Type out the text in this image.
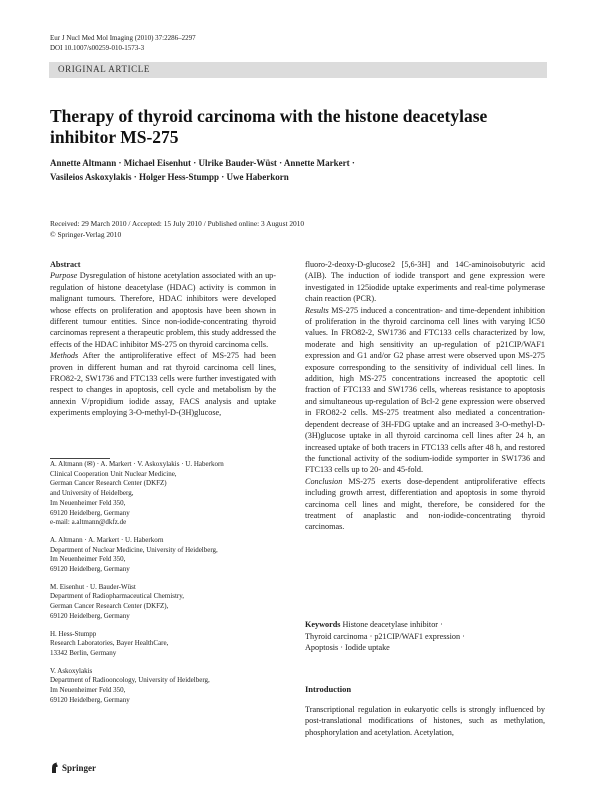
Eur J Nucl Med Mol Imaging (2010) 37:2286–2297
DOI 10.1007/s00259-010-1573-3
ORIGINAL ARTICLE
Therapy of thyroid carcinoma with the histone deacetylase inhibitor MS-275
Annette Altmann · Michael Eisenhut · Ulrike Bauder-Wüst · Annette Markert ·
Vasileios Askoxylakis · Holger Hess-Stumpp · Uwe Haberkorn
Received: 29 March 2010 / Accepted: 15 July 2010 / Published online: 3 August 2010
© Springer-Verlag 2010

Abstract

Purpose Dysregulation of histone acetylation associated with an up-regulation of histone deacetylase (HDAC) activity is common in malignant tumours. Therefore, HDAC inhibitors were developed whose effects on proliferation and apoptosis have been shown in different tumour entities. Since non-iodide-concentrating thyroid carcinomas represent a therapeutic problem, this study addressed the effects of the HDAC inhibitor MS-275 on thyroid carcinoma cells.

Methods After the antiproliferative effect of MS-275 had been proven in different human and rat thyroid carcinoma cell lines, FRO82-2, SW1736 and FTC133 cells were further investigated with respect to changes in apoptosis, cell cycle and metabolism by the annexin V/propidium iodide assay, FACS analysis and uptake experiments employing 3-O-methyl-D-(3H)glucose,

A. Altmann (✉) · A. Markert · V. Askoxylakis · U. Haberkorn
Clinical Cooperation Unit Nuclear Medicine,
German Cancer Research Center (DKFZ)
and University of Heidelberg,
Im Neuenheimer Feld 350,
69120 Heidelberg, Germany
e-mail: a.altmann@dkfz.de
A. Altmann · A. Markert · U. Haberkorn
Department of Nuclear Medicine, University of Heidelberg,
Im Neuenheimer Feld 350,
69120 Heidelberg, Germany
M. Eisenhut · U. Bauder-Wüst
Department of Radiopharmaceutical Chemistry,
German Cancer Research Center (DKFZ),
69120 Heidelberg, Germany
H. Hess-Stumpp
Research Laboratories, Bayer HealthCare,
13342 Berlin, Germany
V. Askoxylakis
Department of Radiooncology, University of Heidelberg,
Im Neuenheimer Feld 350,
69120 Heidelberg, Germany

fluoro-2-deoxy-D-glucose2 [5,6-3H] and 14C-aminoisobutyric acid (AIB). The induction of iodide transport and gene expression were investigated in 125iodide uptake experiments and real-time polymerase chain reaction (PCR).

Results MS-275 induced a concentration- and time-dependent inhibition of proliferation in the thyroid carcinoma cell lines with varying IC50 values. In FRO82-2, SW1736 and FTC133 cells characterized by low, moderate and high sensitivity an up-regulation of p21CIP/WAF1 expression and G1 and/or G2 phase arrest were observed upon MS-275 exposure corresponding to the sensitivity of individual cell lines. In addition, high MS-275 concentrations increased the apoptotic cell fraction of FTC133 and SW1736 cells, whereas resistance to apoptosis and simultaneous up-regulation of Bcl-2 gene expression were observed in FRO82-2 cells. MS-275 treatment also mediated a concentration-dependent decrease of 3H-FDG uptake and an increased 3-O-methyl-D-(3H)glucose uptake in all thyroid carcinoma cell lines after 24 h, an increased uptake of both tracers in FTC133 cells after 48 h, and restored the functional activity of the sodium-iodide symporter in SW1736 and FTC133 cells up to 20- and 45-fold.

Conclusion MS-275 exerts dose-dependent antiproliferative effects including growth arrest, differentiation and apoptosis in some thyroid carcinoma cell lines and might, therefore, be considered for the treatment of anaplastic and non-iodide-concentrating thyroid carcinomas.

Keywords Histone deacetylase inhibitor ·
Thyroid carcinoma · p21CIP/WAF1 expression ·
Apoptosis · Iodide uptake
Introduction
Transcriptional regulation in eukaryotic cells is strongly influenced by post-translational modifications of histones, such as methylation, phosphorylation and acetylation. Acetylation,
Springer
